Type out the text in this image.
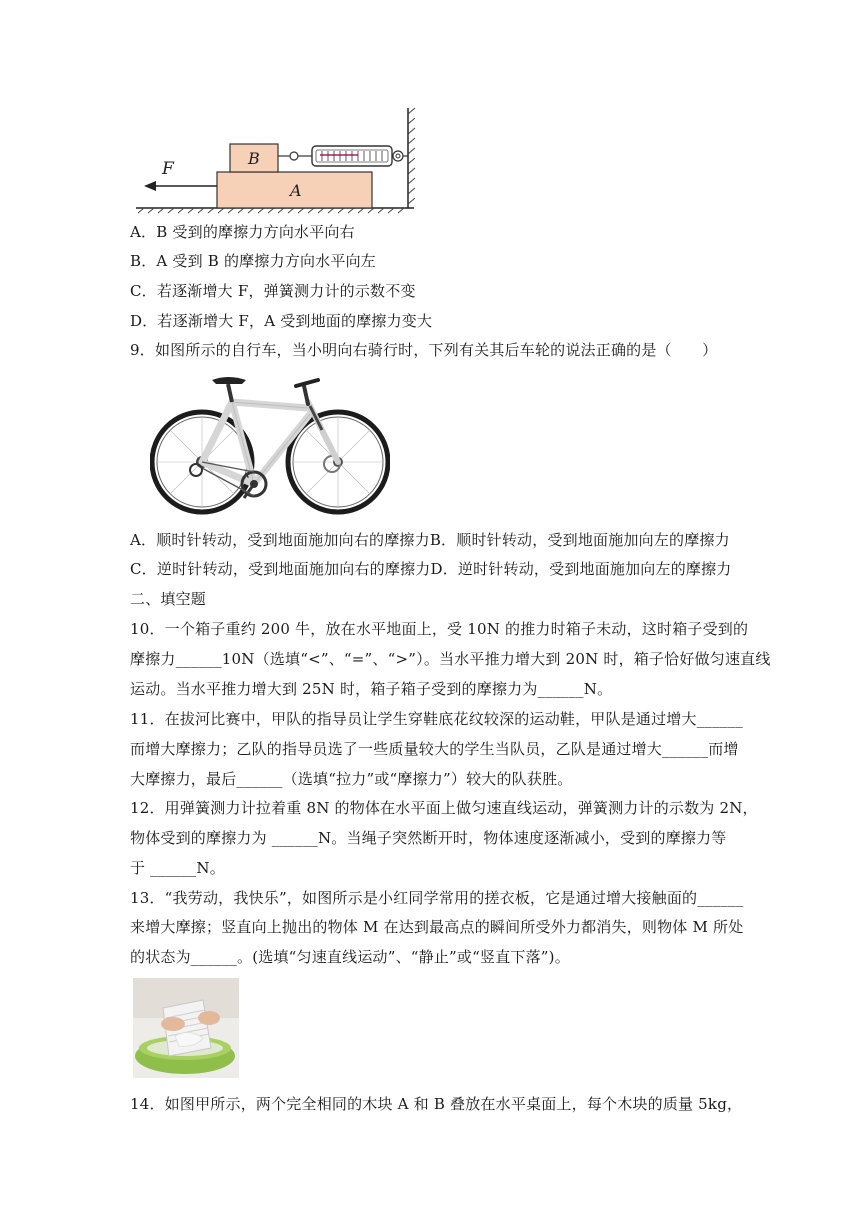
A
B
F
A．B 受到的摩擦力方向水平向右
B．A 受到 B 的摩擦力方向水平向左
C．若逐渐增大 F，弹簧测力计的示数不变
D．若逐渐增大 F，A 受到地面的摩擦力变大
9．如图所示的自行车，当小明向右骑行时，下列有关其后车轮的说法正确的是（　　）
A．顺时针转动，受到地面施加向右的摩擦力B．顺时针转动，受到地面施加向左的摩擦力
C．逆时针转动，受到地面施加向右的摩擦力D．逆时针转动，受到地面施加向左的摩擦力
二、填空题
10．一个箱子重约 200 牛，放在水平地面上，受 10N 的推力时箱子未动，这时箱子受到的
摩擦力______10N（选填“<”、“=”、“>”）。当水平推力增大到 20N 时，箱子恰好做匀速直线
运动。当水平推力增大到 25N 时，箱子箱子受到的摩擦力为______N。
11．在拔河比赛中，甲队的指导员让学生穿鞋底花纹较深的运动鞋，甲队是通过增大______
而增大摩擦力；乙队的指导员选了一些质量较大的学生当队员，乙队是通过增大______而增
大摩擦力，最后______（选填“拉力”或“摩擦力”）较大的队获胜。
12．用弹簧测力计拉着重 8N 的物体在水平面上做匀速直线运动，弹簧测力计的示数为 2N，
物体受到的摩擦力为 ______N。当绳子突然断开时，物体速度逐渐减小，受到的摩擦力等
于 ______N。
13．“我劳动，我快乐”，如图所示是小红同学常用的搓衣板，它是通过增大接触面的______
来增大摩擦；竖直向上抛出的物体 M 在达到最高点的瞬间所受外力都消失，则物体 M 所处
的状态为______。(选填“匀速直线运动”、“静止”或“竖直下落”)。
14．如图甲所示，两个完全相同的木块 A 和 B 叠放在水平桌面上，每个木块的质量 5kg，
